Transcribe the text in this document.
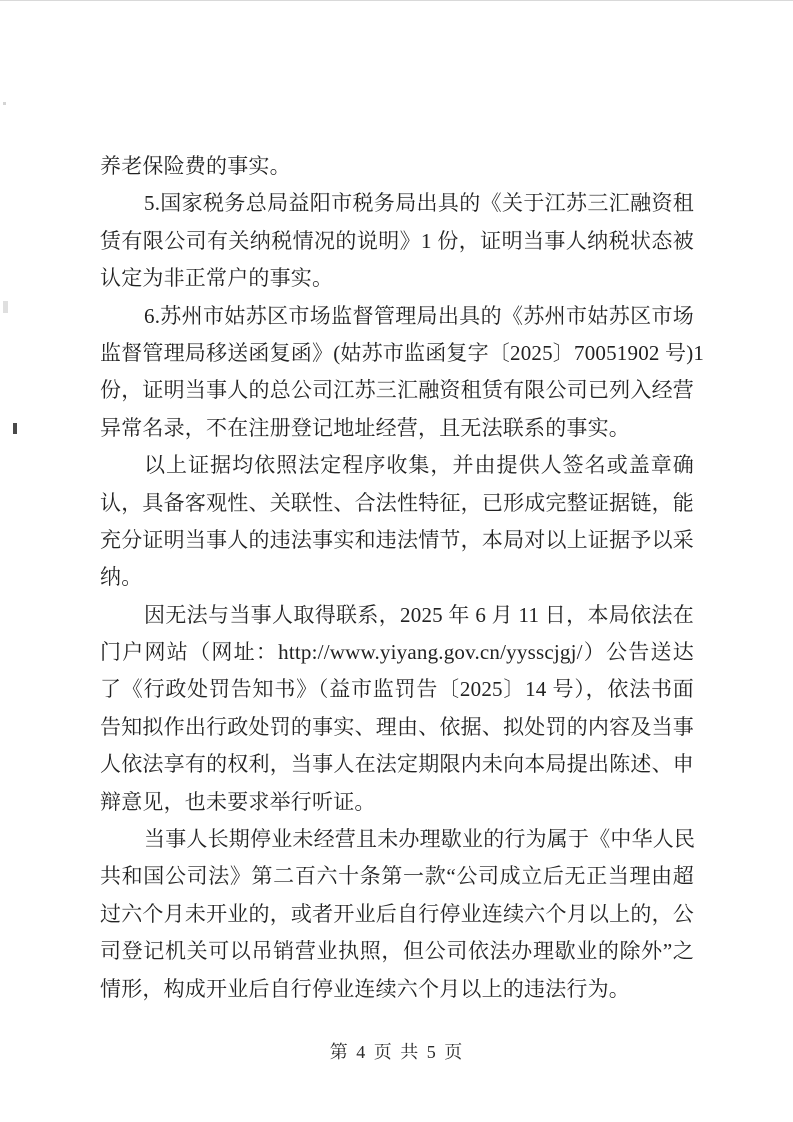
养老保险费的事实。
5.国家税务总局益阳市税务局出具的《关于江苏三汇融资租
赁有限公司有关纳税情况的说明》1 份，证明当事人纳税状态被
认定为非正常户的事实。
6.苏州市姑苏区市场监督管理局出具的《苏州市姑苏区市场
监督管理局移送函复函》(姑苏市监函复字〔2025〕70051902 号)1
份，证明当事人的总公司江苏三汇融资租赁有限公司已列入经营
异常名录，不在注册登记地址经营，且无法联系的事实。
以上证据均依照法定程序收集，并由提供人签名或盖章确
认，具备客观性、关联性、合法性特征，已形成完整证据链，能
充分证明当事人的违法事实和违法情节，本局对以上证据予以采
纳。
因无法与当事人取得联系，2025 年 6 月 11 日，本局依法在
门户网站（网址：http://www.yiyang.gov.cn/yysscjgj/）公告送达
了《行政处罚告知书》（益市监罚告〔2025〕14 号），依法书面
告知拟作出行政处罚的事实、理由、依据、拟处罚的内容及当事
人依法享有的权利，当事人在法定期限内未向本局提出陈述、申
辩意见，也未要求举行听证。
当事人长期停业未经营且未办理歇业的行为属于《中华人民
共和国公司法》第二百六十条第一款“公司成立后无正当理由超
过六个月未开业的，或者开业后自行停业连续六个月以上的，公
司登记机关可以吊销营业执照，但公司依法办理歇业的除外”之
情形，构成开业后自行停业连续六个月以上的违法行为。
第 4 页 共 5 页
